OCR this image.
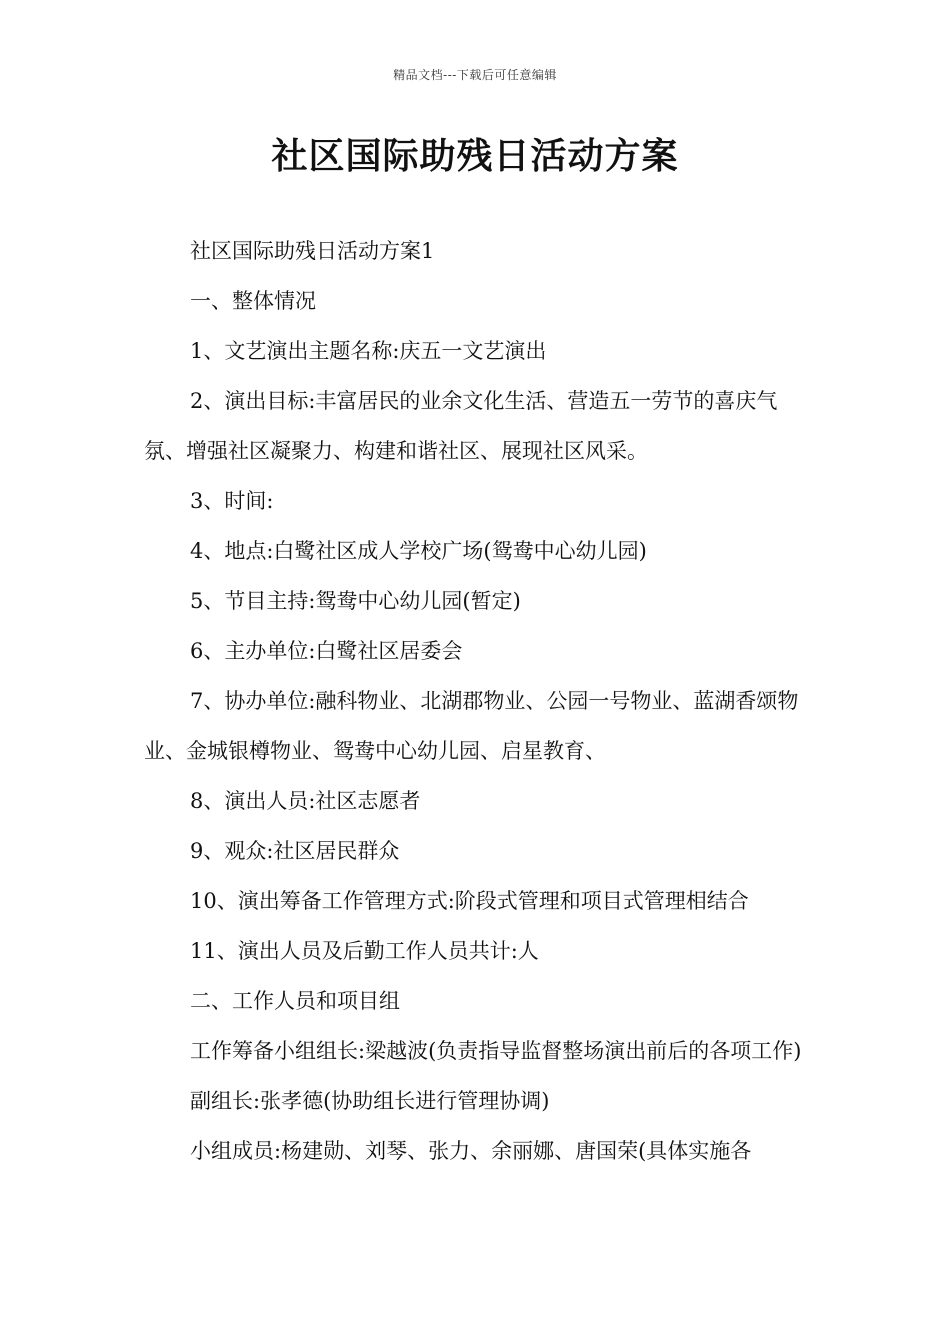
精品文档---下载后可任意编辑
社区国际助残日活动方案

社区国际助残日活动方案1

一、整体情况

1、文艺演出主题名称:庆五一文艺演出

2、演出目标:丰富居民的业余文化生活、营造五一劳节的喜庆气氛、增强社区凝聚力、构建和谐社区、展现社区风采。

3、时间:

4、地点:白鹭社区成人学校广场(鸳鸯中心幼儿园)

5、节目主持:鸳鸯中心幼儿园(暂定)

6、主办单位:白鹭社区居委会

7、协办单位:融科物业、北湖郡物业、公园一号物业、蓝湖香颂物业、金城银樽物业、鸳鸯中心幼儿园、启星教育、

8、演出人员:社区志愿者

9、观众:社区居民群众

10、演出筹备工作管理方式:阶段式管理和项目式管理相结合

11、演出人员及后勤工作人员共计:人

二、工作人员和项目组

工作筹备小组组长:梁越波(负责指导监督整场演出前后的各项工作)

副组长:张孝德(协助组长进行管理协调)

小组成员:杨建勋、刘琴、张力、余丽娜、唐国荣(具体实施各
